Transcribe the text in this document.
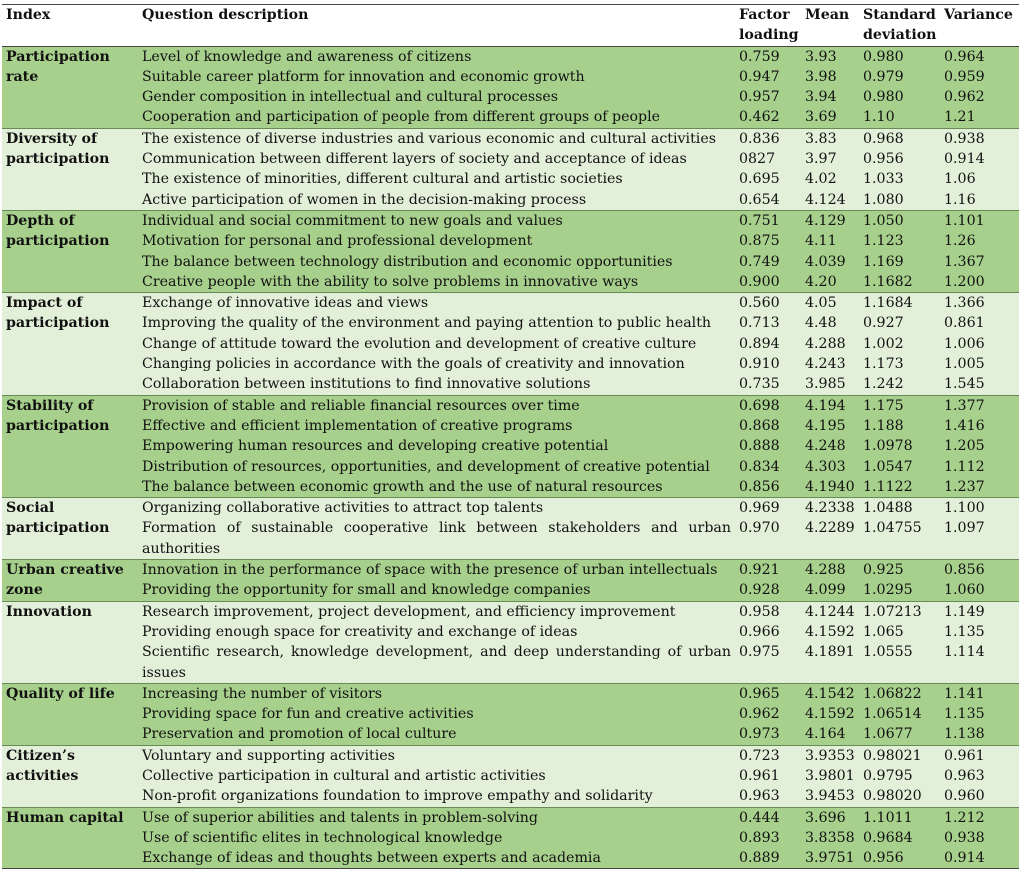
Index	Question description	Factor loading	Mean	Standard deviation	Variance
Participation rate	Level of knowledge and awareness of citizens	0.759	3.93	0.980	0.964
	Suitable career platform for innovation and economic growth	0.947	3.98	0.979	0.959
	Gender composition in intellectual and cultural processes	0.957	3.94	0.980	0.962
	Cooperation and participation of people from different groups of people	0.462	3.69	1.10	1.21
Diversity of participation	The existence of diverse industries and various economic and cultural activities	0.836	3.83	0.968	0.938
	Communication between different layers of society and acceptance of ideas	0827	3.97	0.956	0.914
	The existence of minorities, different cultural and artistic societies	0.695	4.02	1.033	1.06
	Active participation of women in the decision-making process	0.654	4.124	1.080	1.16
Depth of participation	Individual and social commitment to new goals and values	0.751	4.129	1.050	1.101
	Motivation for personal and professional development	0.875	4.11	1.123	1.26
	The balance between technology distribution and economic opportunities	0.749	4.039	1.169	1.367
	Creative people with the ability to solve problems in innovative ways	0.900	4.20	1.1682	1.200
Impact of participation	Exchange of innovative ideas and views	0.560	4.05	1.1684	1.366
	Improving the quality of the environment and paying attention to public health	0.713	4.48	0.927	0.861
	Change of attitude toward the evolution and development of creative culture	0.894	4.288	1.002	1.006
	Changing policies in accordance with the goals of creativity and innovation	0.910	4.243	1.173	1.005
	Collaboration between institutions to find innovative solutions	0.735	3.985	1.242	1.545
Stability of participation	Provision of stable and reliable financial resources over time	0.698	4.194	1.175	1.377
	Effective and efficient implementation of creative programs	0.868	4.195	1.188	1.416
	Empowering human resources and developing creative potential	0.888	4.248	1.0978	1.205
	Distribution of resources, opportunities, and development of creative potential	0.834	4.303	1.0547	1.112
	The balance between economic growth and the use of natural resources	0.856	4.1940	1.1122	1.237
Social participation	Organizing collaborative activities to attract top talents	0.969	4.2338	1.0488	1.100
	Formation of sustainable cooperative link between stakeholders and urban authorities	0.970	4.2289	1.04755	1.097
Urban creative zone	Innovation in the performance of space with the presence of urban intellectuals	0.921	4.288	0.925	0.856
	Providing the opportunity for small and knowledge companies	0.928	4.099	1.0295	1.060
Innovation	Research improvement, project development, and efficiency improvement	0.958	4.1244	1.07213	1.149
	Providing enough space for creativity and exchange of ideas	0.966	4.1592	1.065	1.135
	Scientific research, knowledge development, and deep understanding of urban issues	0.975	4.1891	1.0555	1.114
Quality of life	Increasing the number of visitors	0.965	4.1542	1.06822	1.141
	Providing space for fun and creative activities	0.962	4.1592	1.06514	1.135
	Preservation and promotion of local culture	0.973	4.164	1.0677	1.138
Citizen’s activities	Voluntary and supporting activities	0.723	3.9353	0.98021	0.961
	Collective participation in cultural and artistic activities	0.961	3.9801	0.9795	0.963
	Non-profit organizations foundation to improve empathy and solidarity	0.963	3.9453	0.98020	0.960
Human capital	Use of superior abilities and talents in problem-solving	0.444	3.696	1.1011	1.212
	Use of scientific elites in technological knowledge	0.893	3.8358	0.9684	0.938
	Exchange of ideas and thoughts between experts and academia	0.889	3.9751	0.956	0.914
